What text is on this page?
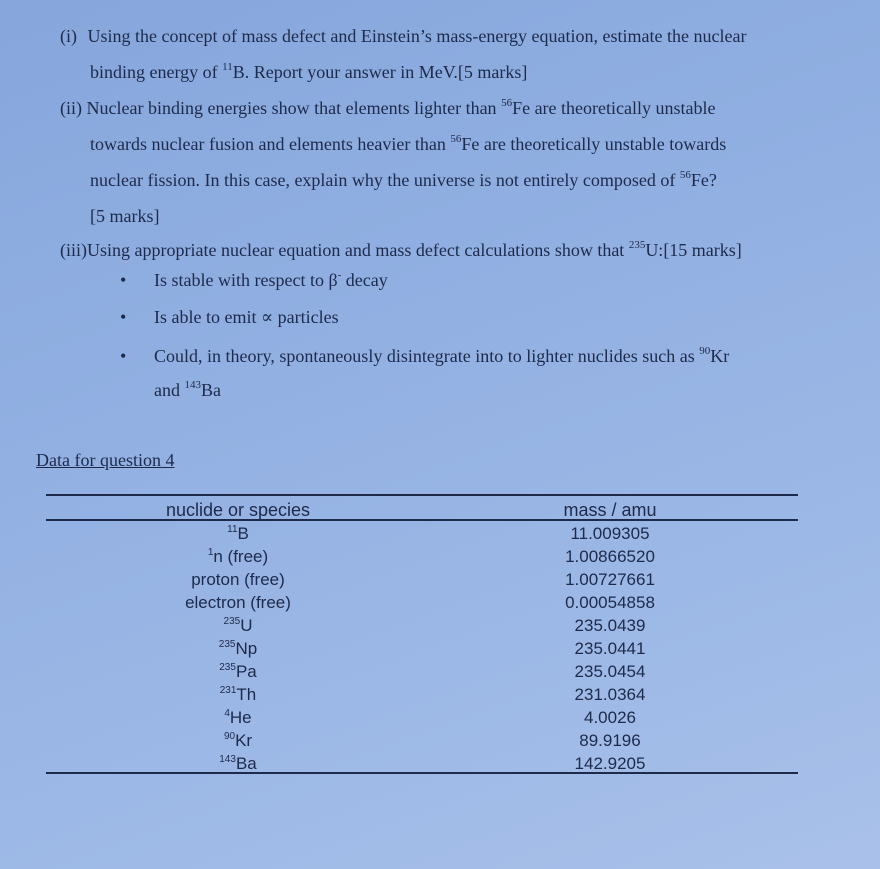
(i) Using the concept of mass defect and Einstein’s mass-energy equation, estimate the nuclear
binding energy of $^{11}$B. Report your answer in MeV.[5 marks]
(ii) Nuclear binding energies show that elements lighter than $^{56}$Fe are theoretically unstable
towards nuclear fusion and elements heavier than $^{56}$Fe are theoretically unstable towards
nuclear fission. In this case, explain why the universe is not entirely composed of $^{56}$Fe?
[5 marks]
(iii)Using appropriate nuclear equation and mass defect calculations show that $^{235}$U:[15 marks]
• Is stable with respect to β- decay
• Is able to emit ∝ particles
• Could, in theory, spontaneously disintegrate into to lighter nuclides such as $^{90}$Kr
and $^{143}$Ba
Data for question 4
nuclide or species	mass / amu
$^{11}$B	11.009305
$^1$n (free)	1.00866520
proton (free)	1.00727661
electron (free)	0.00054858
$^{235}$U	235.0439
$^{235}$Np	235.0441
$^{235}$Pa	235.0454
$^{231}$Th	231.0364
$^4$He	4.0026
$^{90}$Kr	89.9196
$^{143}$Ba	142.9205
